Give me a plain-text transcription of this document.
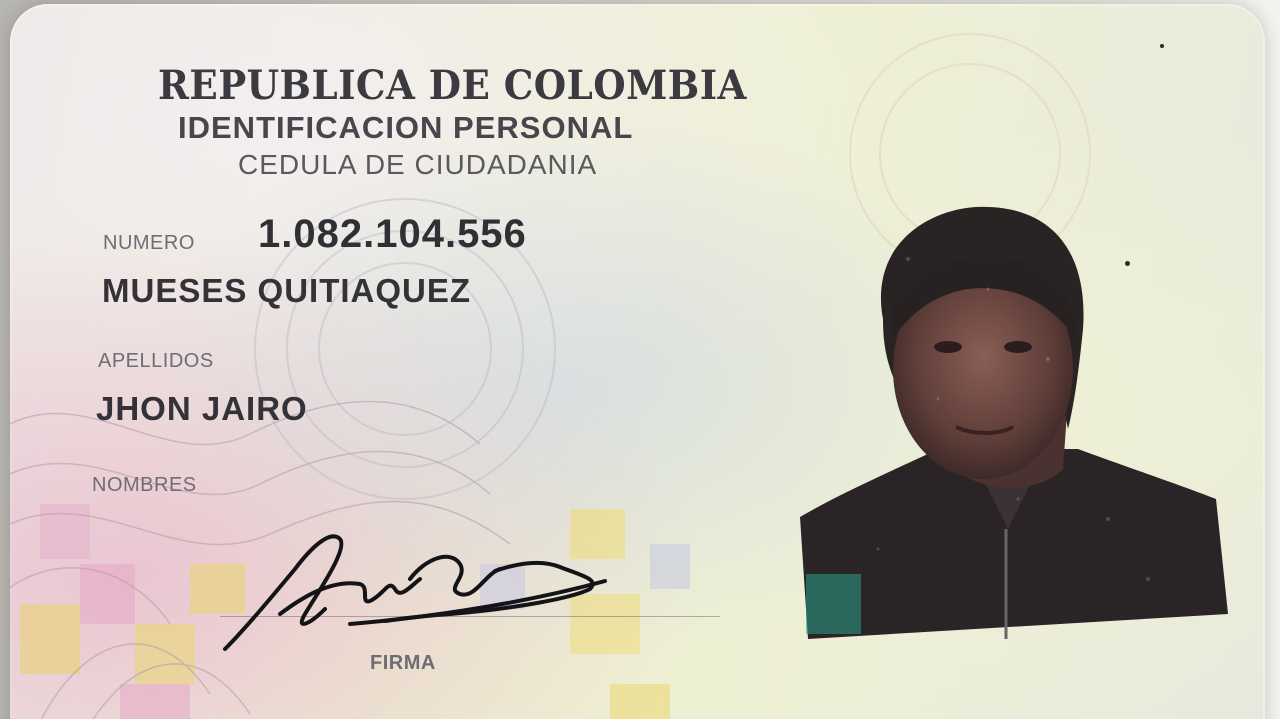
REPUBLICA DE COLOMBIA
IDENTIFICACION PERSONAL
CEDULA DE CIUDADANIA
NUMERO 1.082.104.556
MUESES QUITIAQUEZ
APELLIDOS
JHON JAIRO
NOMBRES
FIRMA
